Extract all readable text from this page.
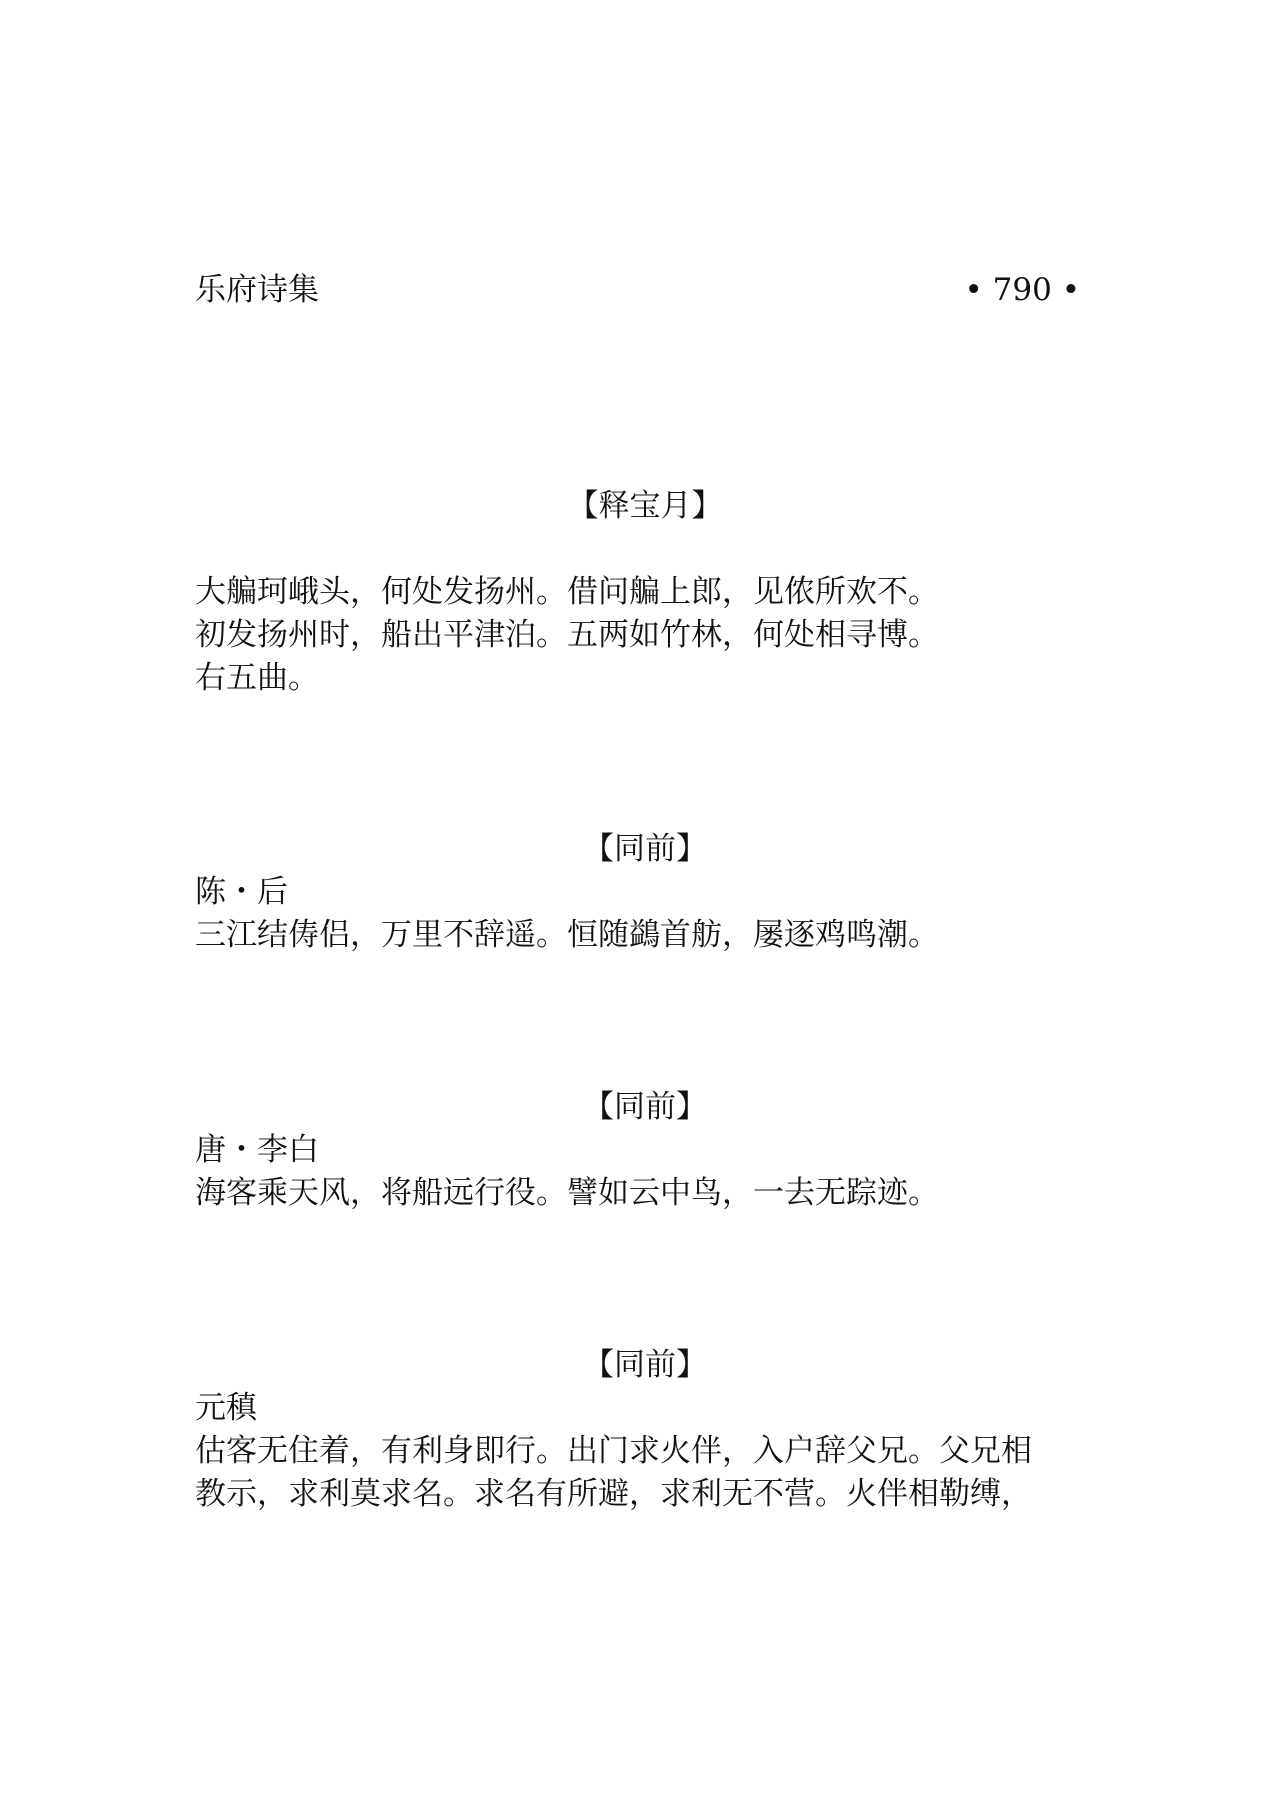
乐府诗集	• 790 •

【释宝月】

大艑珂峨头，何处发扬州。借问艑上郎，见侬所欢不。

初发扬州时，船出平津泊。五两如竹林，何处相寻博。

右五曲。

【同前】

陈・后

三江结俦侣，万里不辞遥。恒随鷁首舫，屡逐鸡鸣潮。

【同前】

唐・李白

海客乘天风，将船远行役。譬如云中鸟，一去无踪迹。

【同前】

元稹

估客无住着，有利身即行。出门求火伴，入户辞父兄。父兄相

教示，求利莫求名。求名有所避，求利无不营。火伴相勒缚，
